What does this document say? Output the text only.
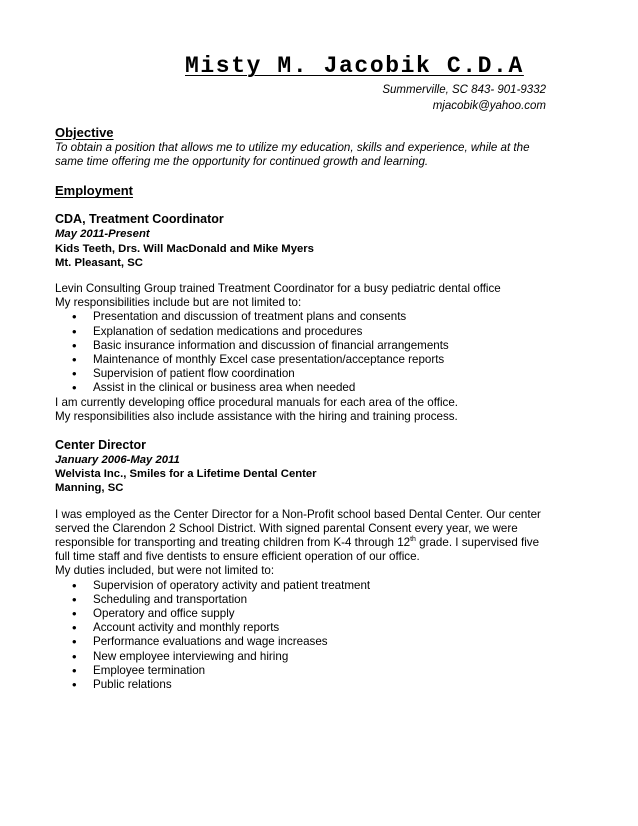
Misty M. Jacobik C.D.A
Summerville, SC 843- 901-9332
mjacobik@yahoo.com
Objective

To obtain a position that allows me to utilize my education, skills and experience, while at the same time offering me the opportunity for continued growth and learning.

Employment
CDA, Treatment Coordinator
May 2011-Present
Kids Teeth, Drs. Will MacDonald and Mike Myers
Mt. Pleasant, SC

Levin Consulting Group trained Treatment Coordinator for a busy pediatric dental office

My responsibilities include but are not limited to:

• Presentation and discussion of treatment plans and consents
• Explanation of sedation medications and procedures
• Basic insurance information and discussion of financial arrangements
• Maintenance of monthly Excel case presentation/acceptance reports
• Supervision of patient flow coordination
• Assist in the clinical or business area when needed

I am currently developing office procedural manuals for each area of the office.

My responsibilities also include assistance with the hiring and training process.

Center Director
January 2006-May 2011
Welvista Inc., Smiles for a Lifetime Dental Center
Manning, SC

I was employed as the Center Director for a Non-Profit school based Dental Center. Our center served the Clarendon 2 School District. With signed parental Consent every year, we were responsible for transporting and treating children from K-4 through 12th grade. I supervised five full time staff and five dentists to ensure efficient operation of our office.

My duties included, but were not limited to:

• Supervision of operatory activity and patient treatment
• Scheduling and transportation
• Operatory and office supply
• Account activity and monthly reports
• Performance evaluations and wage increases
• New employee interviewing and hiring
• Employee termination
• Public relations
